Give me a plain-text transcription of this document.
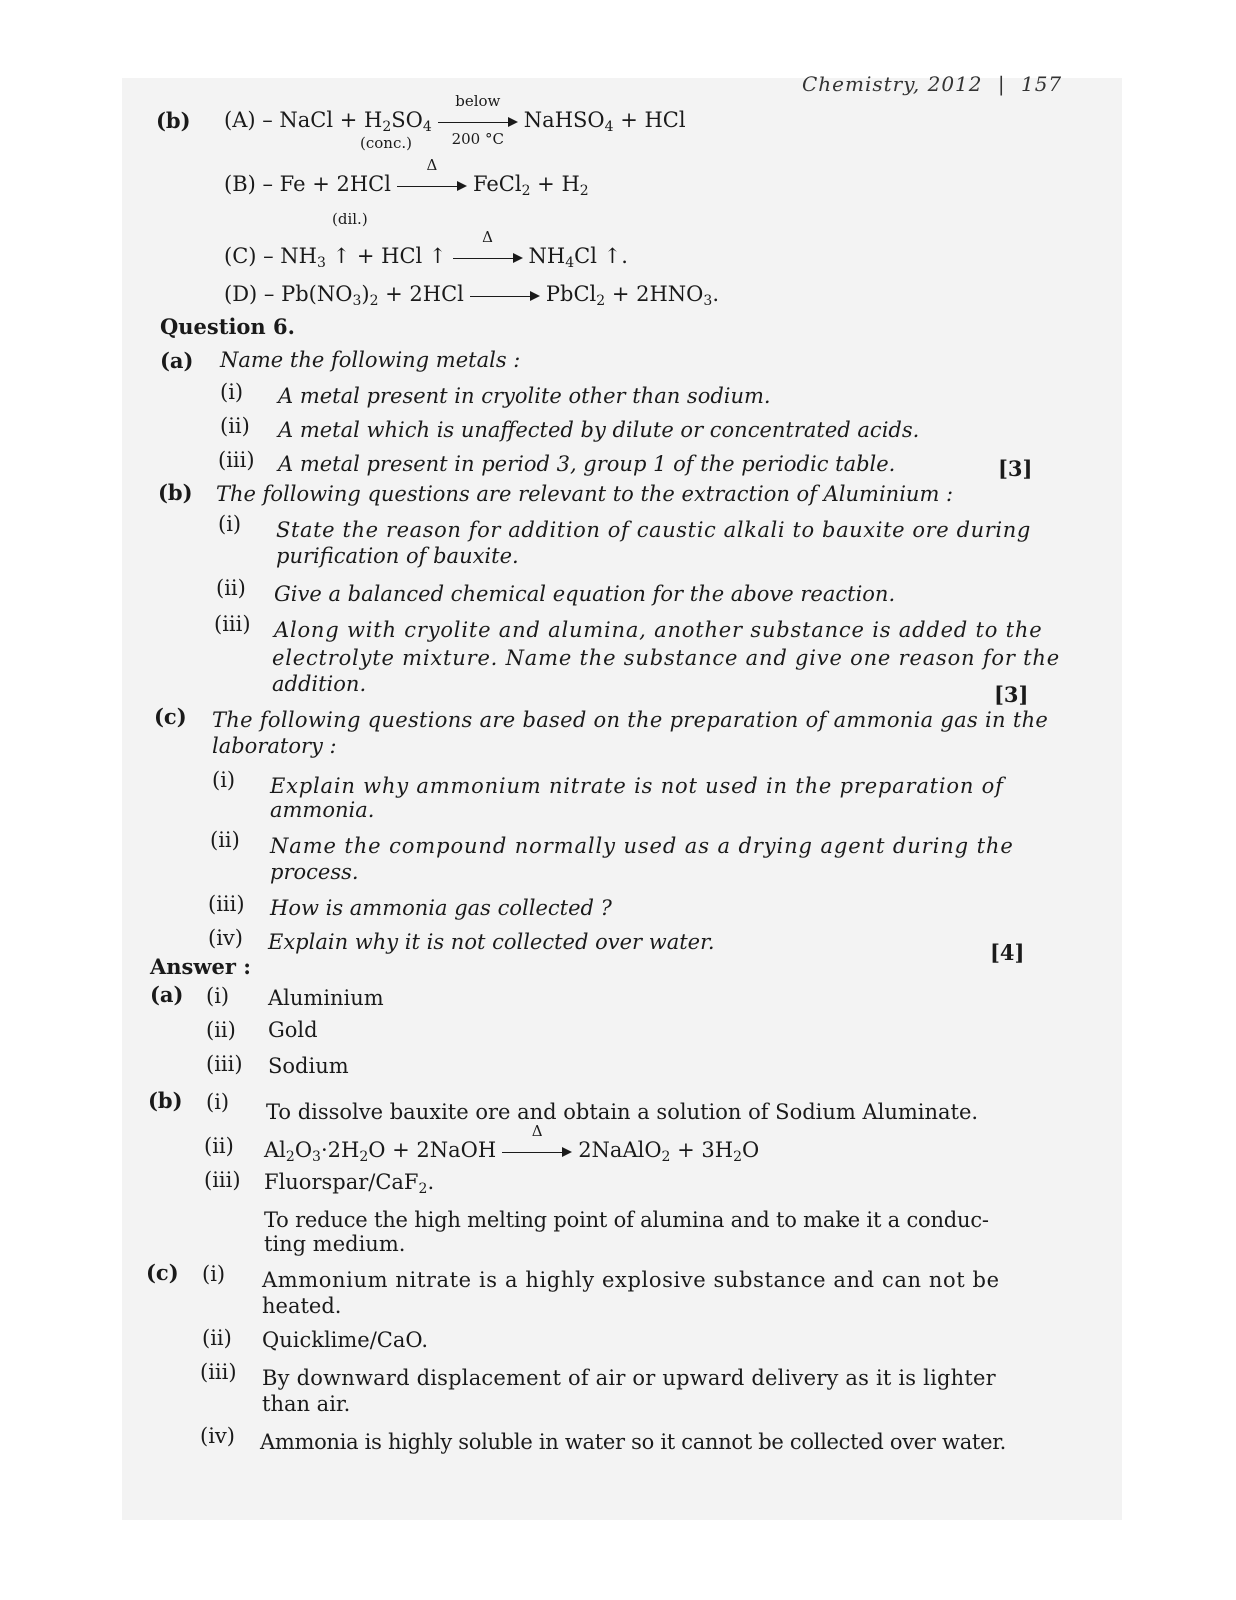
Chemistry, 2012 | 157
(b) (A) – NaCl + $H_2SO_4$
below
200 °C
NaHSO$_4$ + HCl
(conc.)
(B) – Fe + 2HCl
Δ
FeCl$_2$ + $H_2$
(dil.)
$(C) - NH_3$ ↑ + HCl ↑
Δ
$NH_4Cl$ ↑.
$(D) - Pb(NO_3)_2 + 2HCl$	PbCl$_2$ + $2HNO_3$.
Question 6.
(a) Name the following metals :
(i) A metal present in cryolite other than sodium.
(ii) A metal which is unaffected by dilute or concentrated acids.
(iii) A metal present in period 3, group 1 of the periodic table.	[3]
(b) The following questions are relevant to the extraction of Aluminium :
(i) State the reason for addition of caustic alkali to bauxite ore during
purification of bauxite.
(ii) Give a balanced chemical equation for the above reaction.
(iii) Along with cryolite and alumina, another substance is added to the
electrolyte mixture. Name the substance and give one reason for the
addition.	[3]
(c) The following questions are based on the preparation of ammonia gas in the
laboratory :
(i) Explain why ammonium nitrate is not used in the preparation of
ammonia.
(ii) Name the compound normally used as a drying agent during the
process.
(iii) How is ammonia gas collected ?
(iv) Explain why it is not collected over water.	[4]
Answer :
(a) (i) Aluminium
(ii) Gold
(iii) Sodium
(b) (i) To dissolve bauxite ore and obtain a solution of Sodium Aluminate.
(ii) $Al_2O_3\cdot 2H_2O$ + 2NaOH
Δ
2NaAlO$_2$ + $3H_2O$
(iii) Fluorspar/CaF$_2$.
To reduce the high melting point of alumina and to make it a conduc-
ting medium.
(c) (i) Ammonium nitrate is a highly explosive substance and can not be
heated.
(ii) Quicklime/CaO.
(iii) By downward displacement of air or upward delivery as it is lighter
than air.
(iv) Ammonia is highly soluble in water so it cannot be collected over water.
